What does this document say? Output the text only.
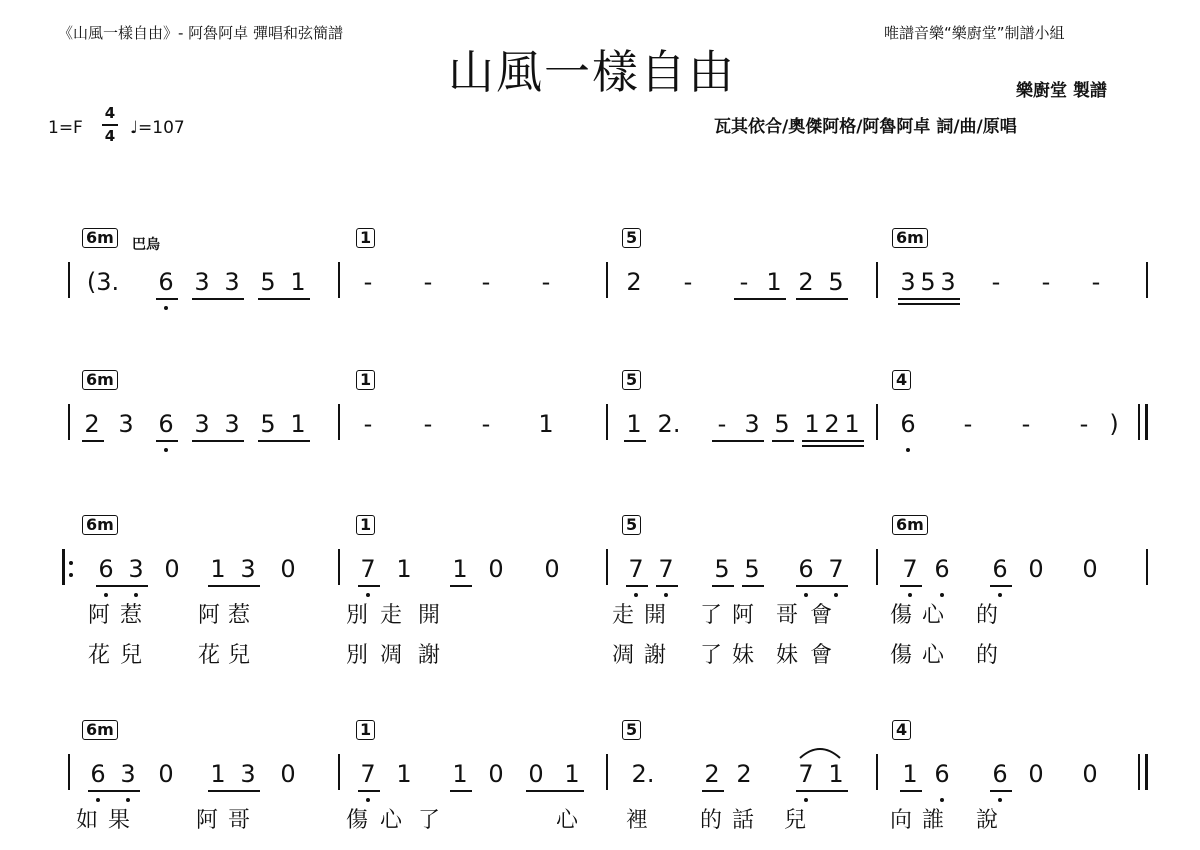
《山風一樣自由》- 阿魯阿卓 彈唱和弦簡譜
山風一樣自由
唯譜音樂“樂廚堂”制譜小組
樂廚堂 製譜
瓦其依合/奧傑阿格/阿魯阿卓 詞/曲/原唱
1=F
4
4 ♩=107
6m	1	5	6m
巴烏
(3. 6 3 3 5 1 - - - -	2 - - 1 2 5 3 5 3 - - -
6m	1	5	4
2 3 6 3 3 5 1 - - - 1	1 2. - 3 5 1 2 1 6 - - - )
6m	1	5	6m
6 3 0 1 3 0	7 1 1 0 0	7 7 5 5 6 7 7 6 6 0 0
阿 惹	阿 惹	別 走 開	走 開 了 阿 哥 會	傷 心 的
花 兒	花 兒	別 凋 謝	凋 謝 了 妹 妹 會	傷 心 的
6m	1	5	4
6 3 0 1 3 0	7 1 1 0 0 1 2. 2 2 7 1 1 6 6 0 0
如 果	阿 哥	傷 心 了	心 裡 的 話 兒	向 誰 說
